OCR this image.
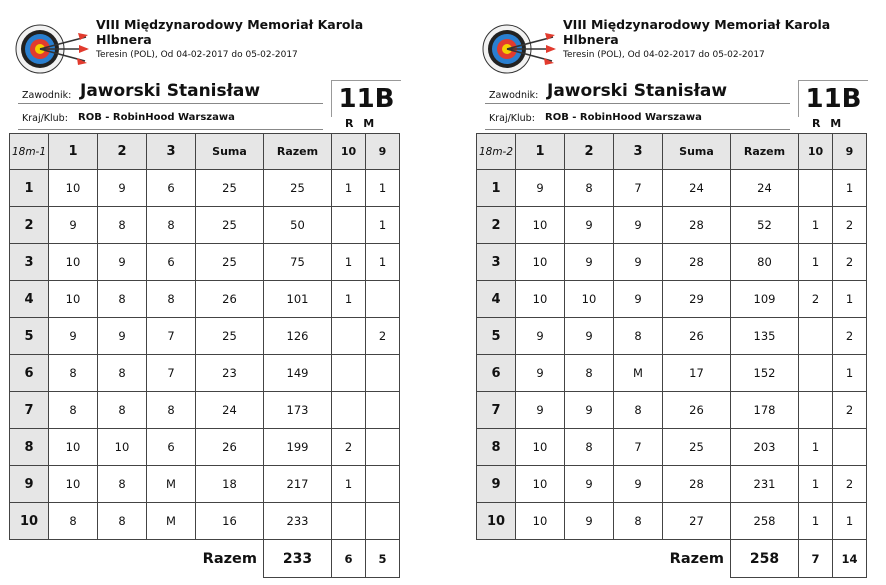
VIII Międzynarodowy Memoriał Karola
Hlbnera
Teresin (POL), Od 04-02-2017 do 05-02-2017
Zawodnik: Jaworski Stanisław
Kraj/Klub: ROB - RobinHood Warszawa
11B
R M
18m-1	1	2	3	Suma	Razem	10	9
1	10	9	6	25	25	1	1
2	9	8	8	25	50		1
3	10	9	6	25	75	1	1
4	10	8	8	26	101	1	
5	9	9	7	25	126		2
6	8	8	7	23	149		
7	8	8	8	24	173		
8	10	10	6	26	199	2	
9	10	8	M	18	217	1	
10	8	8	M	16	233		
			Razem		233	6	5
VIII Międzynarodowy Memoriał Karola
Hlbnera
Teresin (POL), Od 04-02-2017 do 05-02-2017
Zawodnik: Jaworski Stanisław
Kraj/Klub: ROB - RobinHood Warszawa
11B
R M
18m-2	1	2	3	Suma	Razem	10	9
1	9	8	7	24	24		1
2	10	9	9	28	52	1	2
3	10	9	9	28	80	1	2
4	10	10	9	29	109	2	1
5	9	9	8	26	135		2
6	9	8	M	17	152		1
7	9	9	8	26	178		2
8	10	8	7	25	203	1	
9	10	9	9	28	231	1	2
10	10	9	8	27	258	1	1
			Razem		258	7	14
